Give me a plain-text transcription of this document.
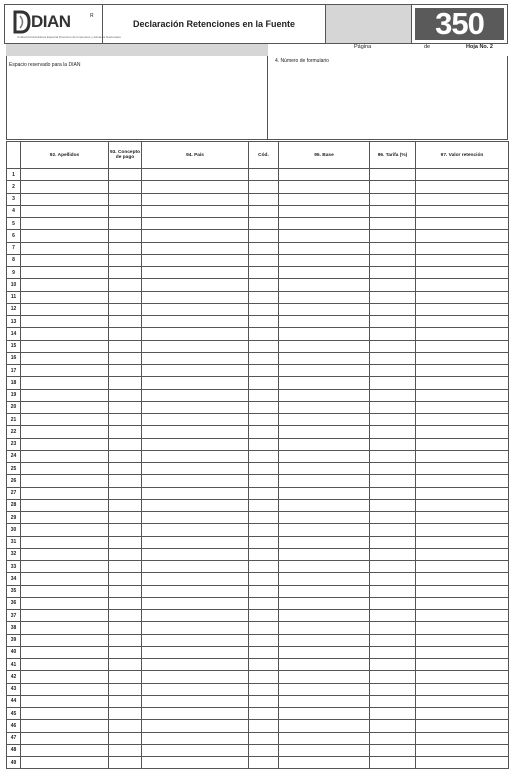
DIAN	R
Unidad Administrativa Especial Dirección de Impuestos y Aduanas Nacionales
Declaración Retenciones en la Fuente	350
Página	de	Hoja No. 2
Espacio reservado para la DIAN
4. Número de formulario
	92. Apellidos	93. Concepto de pago	94. País	Cód.	95. Base	96. Tarifa (%)	97. Valor retención
1							
2							
3							
4							
5							
6							
7							
8							
9							
10							
11							
12							
13							
14							
15							
16							
17							
18							
19							
20							
21							
22							
23							
24							
25							
26							
27							
28							
29							
30							
31							
32							
33							
34							
35							
36							
37							
38							
39							
40							
41							
42							
43							
44							
45							
46							
47							
48							
49							
